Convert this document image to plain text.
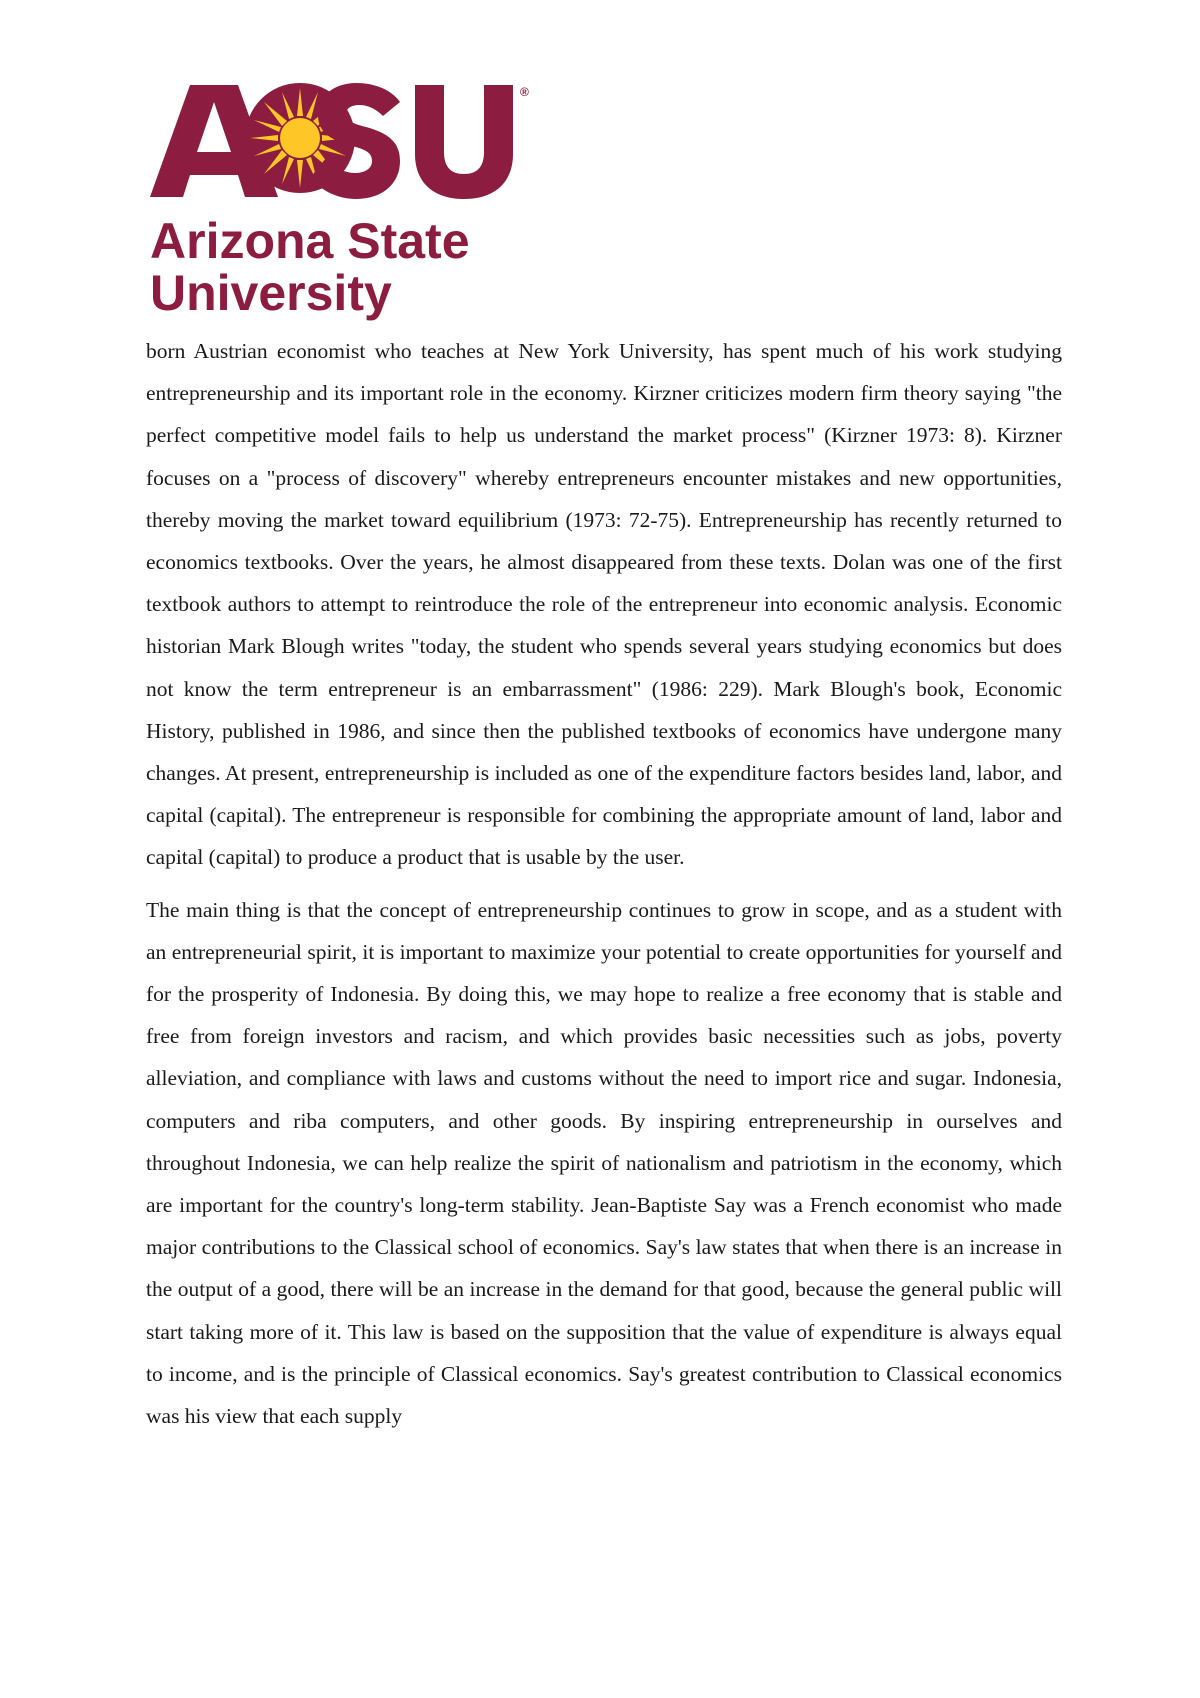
®
Arizona State
University

born Austrian economist who teaches at New York University, has spent much of his work studying entrepreneurship and its important role in the economy. Kirzner criticizes modern firm theory saying "the perfect competitive model fails to help us understand the market process" (Kirzner 1973: 8). Kirzner focuses on a "process of discovery" whereby entrepreneurs encounter mistakes and new opportunities, thereby moving the market toward equilibrium (1973: 72-75). Entrepreneurship has recently returned to economics textbooks. Over the years, he almost disappeared from these texts. Dolan was one of the first textbook authors to attempt to reintroduce the role of the entrepreneur into economic analysis. Economic historian Mark Blough writes "today, the student who spends several years studying economics but does not know the term entrepreneur is an embarrassment" (1986: 229). Mark Blough's book, Economic History, published in 1986, and since then the published textbooks of economics have undergone many changes. At present, entrepreneurship is included as one of the expenditure factors besides land, labor, and capital (capital). The entrepreneur is responsible for combining the appropriate amount of land, labor and capital (capital) to produce a product that is usable by the user.

The main thing is that the concept of entrepreneurship continues to grow in scope, and as a student with an entrepreneurial spirit, it is important to maximize your potential to create opportunities for yourself and for the prosperity of Indonesia. By doing this, we may hope to realize a free economy that is stable and free from foreign investors and racism, and which provides basic necessities such as jobs, poverty alleviation, and compliance with laws and customs without the need to import rice and sugar. Indonesia, computers and riba computers, and other goods. By inspiring entrepreneurship in ourselves and throughout Indonesia, we can help realize the spirit of nationalism and patriotism in the economy, which are important for the country's long-term stability. Jean-Baptiste Say was a French economist who made major contributions to the Classical school of economics. Say's law states that when there is an increase in the output of a good, there will be an increase in the demand for that good, because the general public will start taking more of it. This law is based on the supposition that the value of expenditure is always equal to income, and is the principle of Classical economics. Say's greatest contribution to Classical economics was his view that each supply
